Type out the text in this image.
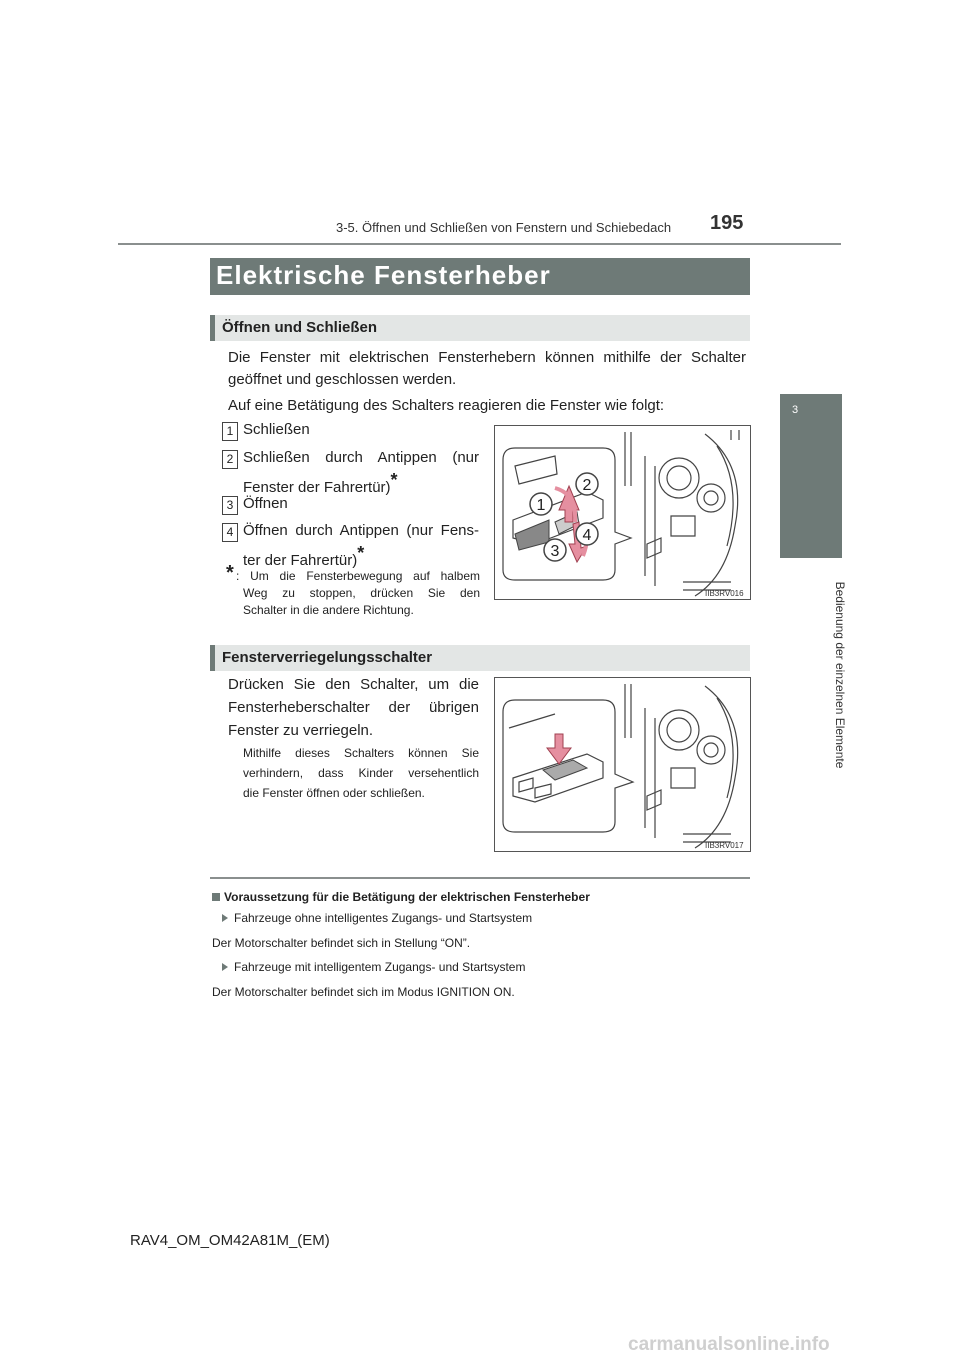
3-5. Öffnen und Schließen von Fenstern und Schiebedach 195
3
Bedienung der einzelnen Elemente
Elektrische Fensterheber
Öffnen und Schließen
Die Fenster mit elektrischen Fensterhebern können mithilfe der Schalter geöffnet und geschlossen werden.
Auf eine Betätigung des Schalters reagieren die Fenster wie folgt:
1 Schließen
2 Schließen durch Antippen (nur
Fenster der Fahrertür)*
3 Öffnen
4 Öffnen durch Antippen (nur Fens-
ter der Fahrertür)*
* : Um die Fensterbewegung auf halbem
Weg zu stoppen, drücken Sie den
Schalter in die andere Richtung.
1
2
3
4
IIB3RV016
Fensterverriegelungsschalter
Drücken Sie den Schalter, um die
Fensterheberschalter der übrigen
Fenster zu verriegeln.
Mithilfe dieses Schalters können Sie
verhindern, dass Kinder versehentlich
die Fenster öffnen oder schließen.
IIB3RV017
Voraussetzung für die Betätigung der elektrischen Fensterheber
Fahrzeuge ohne intelligentes Zugangs- und Startsystem
Der Motorschalter befindet sich in Stellung “ON”.
Fahrzeuge mit intelligentem Zugangs- und Startsystem
Der Motorschalter befindet sich im Modus IGNITION ON.
RAV4_OM_OM42A81M_(EM)
carmanualsonline.info
